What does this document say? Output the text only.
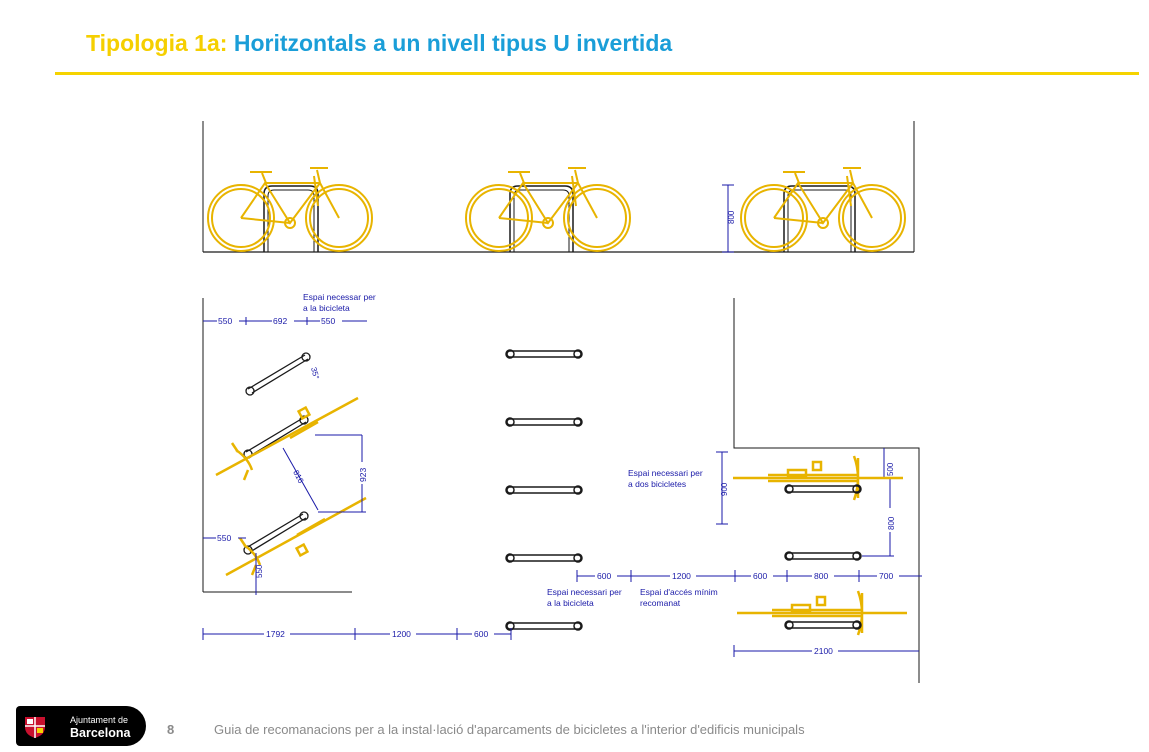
Tipologia 1a: Horitzontals a un nivell tipus U invertida
800
Espai necessar per
a la bicicleta
550	692	550
35°
923
816
550
550
1792	1200	600
Espai necessari per
a la bicicleta
Espai necessari per
a dos bicicletes	900
500
800
600	1200	600	800	700
Espai d'accés mínim
recomanat
2100
Ajuntament de
Barcelona	8	Guia de recomanacions per a la instal·lació d'aparcaments de bicicletes a l'interior d'edificis municipals
